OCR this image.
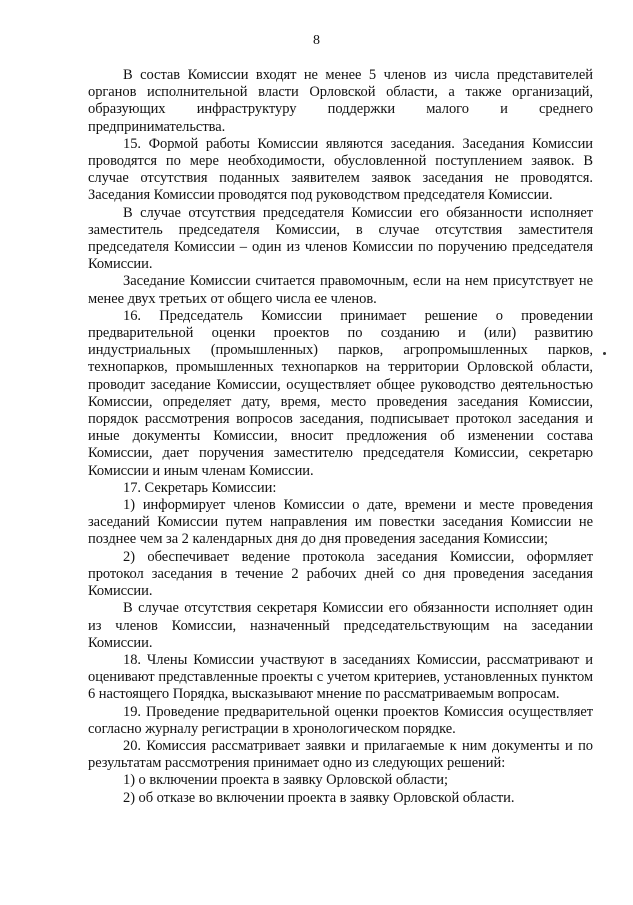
8

В состав Комиссии входят не менее 5 членов из числа представителей органов исполнительной власти Орловской области, а также организаций, образующих инфраструктуру поддержки малого и среднего предпринимательства.

15. Формой работы Комиссии являются заседания. Заседания Комиссии проводятся по мере необходимости, обусловленной поступлением заявок. В случае отсутствия поданных заявителем заявок заседания не проводятся. Заседания Комиссии проводятся под руководством председателя Комиссии.

В случае отсутствия председателя Комиссии его обязанности исполняет заместитель председателя Комиссии, в случае отсутствия заместителя председателя Комиссии – один из членов Комиссии по поручению председателя Комиссии.

Заседание Комиссии считается правомочным, если на нем присутствует не менее двух третьих от общего числа ее членов.

16. Председатель Комиссии принимает решение о проведении предварительной оценки проектов по созданию и (или) развитию индустриальных (промышленных) парков, агропромышленных парков, технопарков, промышленных технопарков на территории Орловской области, проводит заседание Комиссии, осуществляет общее руководство деятельностью Комиссии, определяет дату, время, место проведения заседания Комиссии, порядок рассмотрения вопросов заседания, подписывает протокол заседания и иные документы Комиссии, вносит предложения об изменении состава Комиссии, дает поручения заместителю председателя Комиссии, секретарю Комиссии и иным членам Комиссии.

17. Секретарь Комиссии:

1) информирует членов Комиссии о дате, времени и месте проведения заседаний Комиссии путем направления им повестки заседания Комиссии не позднее чем за 2 календарных дня до дня проведения заседания Комиссии;

2) обеспечивает ведение протокола заседания Комиссии, оформляет протокол заседания в течение 2 рабочих дней со дня проведения заседания Комиссии.

В случае отсутствия секретаря Комиссии его обязанности исполняет один из членов Комиссии, назначенный председательствующим на заседании Комиссии.

18. Члены Комиссии участвуют в заседаниях Комиссии, рассматривают и оценивают представленные проекты с учетом критериев, установленных пунктом 6 настоящего Порядка, высказывают мнение по рассматриваемым вопросам.

19. Проведение предварительной оценки проектов Комиссия осуществляет согласно журналу регистрации в хронологическом порядке.

20. Комиссия рассматривает заявки и прилагаемые к ним документы и по результатам рассмотрения принимает одно из следующих решений:

1) о включении проекта в заявку Орловской области;

2) об отказе во включении проекта в заявку Орловской области.
